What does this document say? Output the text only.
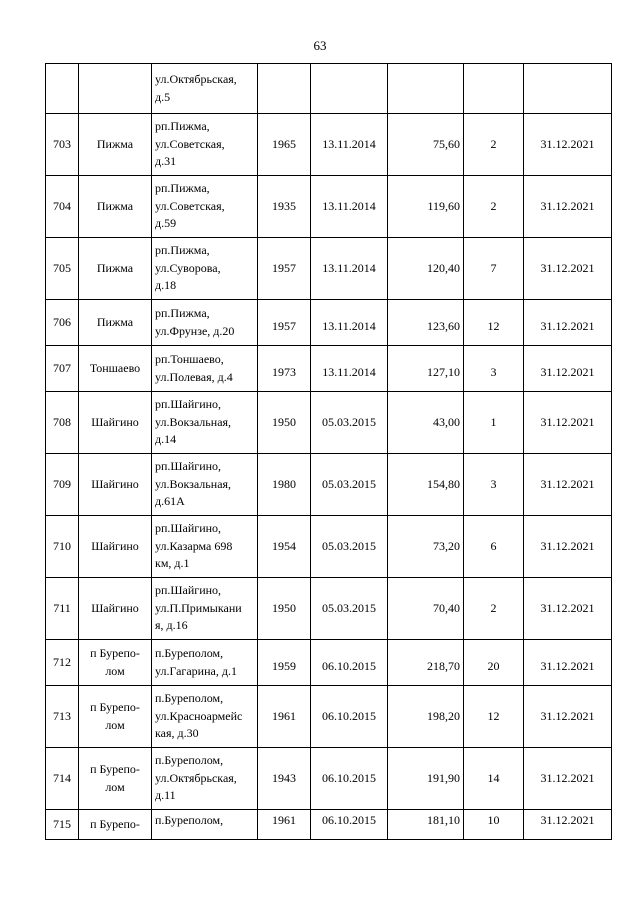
63

		ул.Октябрьская,
д.5					

703	Пижма	рп.Пижма,
ул.Советская,
д.31	1965	13.11.2014	75,60	2	31.12.2021
704	Пижма	рп.Пижма,
ул.Советская,
д.59	1935	13.11.2014	119,60	2	31.12.2021
705	Пижма	рп.Пижма,
ул.Суворова,
д.18	1957	13.11.2014	120,40	7	31.12.2021
706	Пижма	рп.Пижма,
ул.Фрунзе, д.20	1957	13.11.2014	123,60	12	31.12.2021
707	Тоншаево	рп.Тоншаево,
ул.Полевая, д.4	1973	13.11.2014	127,10	3	31.12.2021
708	Шайгино	рп.Шайгино,
ул.Вокзальная,
д.14	1950	05.03.2015	43,00	1	31.12.2021
709	Шайгино	рп.Шайгино,
ул.Вокзальная,
д.61А	1980	05.03.2015	154,80	3	31.12.2021
710	Шайгино	рп.Шайгино,
ул.Казарма 698
км, д.1	1954	05.03.2015	73,20	6	31.12.2021
711	Шайгино	рп.Шайгино,
ул.П.Примыкани
я, д.16	1950	05.03.2015	70,40	2	31.12.2021
712	п Бурепо-
лом	п.Бурепoлом,
ул.Гагарина, д.1	1959	06.10.2015	218,70	20	31.12.2021
713	п Бурепо-
лом	п.Бурепoлом,
ул.Красноармейс
кая, д.30	1961	06.10.2015	198,20	12	31.12.2021
714	п Бурепо-
лом	п.Бурепoлом,
ул.Октябрьская,
д.11	1943	06.10.2015	191,90	14	31.12.2021
715	п Бурепо-	п.Бурепoлом,	1961	06.10.2015	181,10	10	31.12.2021
